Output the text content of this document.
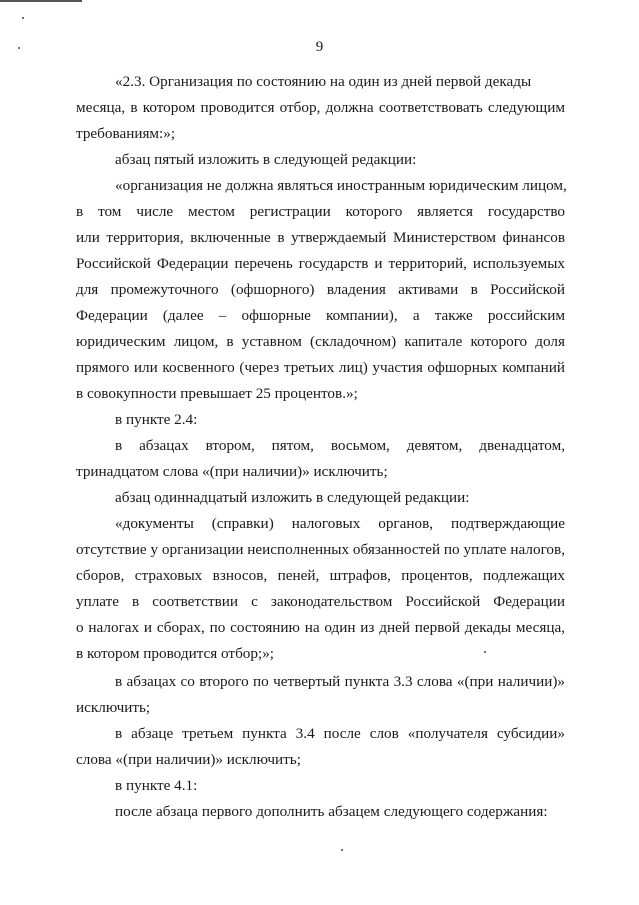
9
«2.3. Организация по состоянию на один из дней первой декады
месяца, в котором проводится отбор, должна соответствовать следующим
требованиям:»;
абзац пятый изложить в следующей редакции:
«организация не должна являться иностранным юридическим лицом,
в том числе местом регистрации которого является государство
или территория, включенные в утверждаемый Министерством финансов
Российской Федерации перечень государств и территорий, используемых
для промежуточного (офшорного) владения активами в Российской
Федерации (далее – офшорные компании), а также российским
юридическим лицом, в уставном (складочном) капитале которого доля
прямого или косвенного (через третьих лиц) участия офшорных компаний
в совокупности превышает 25 процентов.»;
в пункте 2.4:
в абзацах втором, пятом, восьмом, девятом, двенадцатом,
тринадцатом слова «(при наличии)» исключить;
абзац одиннадцатый изложить в следующей редакции:
«документы (справки) налоговых органов, подтверждающие
отсутствие у организации неисполненных обязанностей по уплате налогов,
сборов, страховых взносов, пеней, штрафов, процентов, подлежащих
уплате в соответствии с законодательством Российской Федерации
о налогах и сборах, по состоянию на один из дней первой декады месяца,
в котором проводится отбор;»;
в абзацах со второго по четвертый пункта 3.3 слова «(при наличии)»
исключить;
в абзаце третьем пункта 3.4 после слов «получателя субсидии»
слова «(при наличии)» исключить;
в пункте 4.1:
после абзаца первого дополнить абзацем следующего содержания:
